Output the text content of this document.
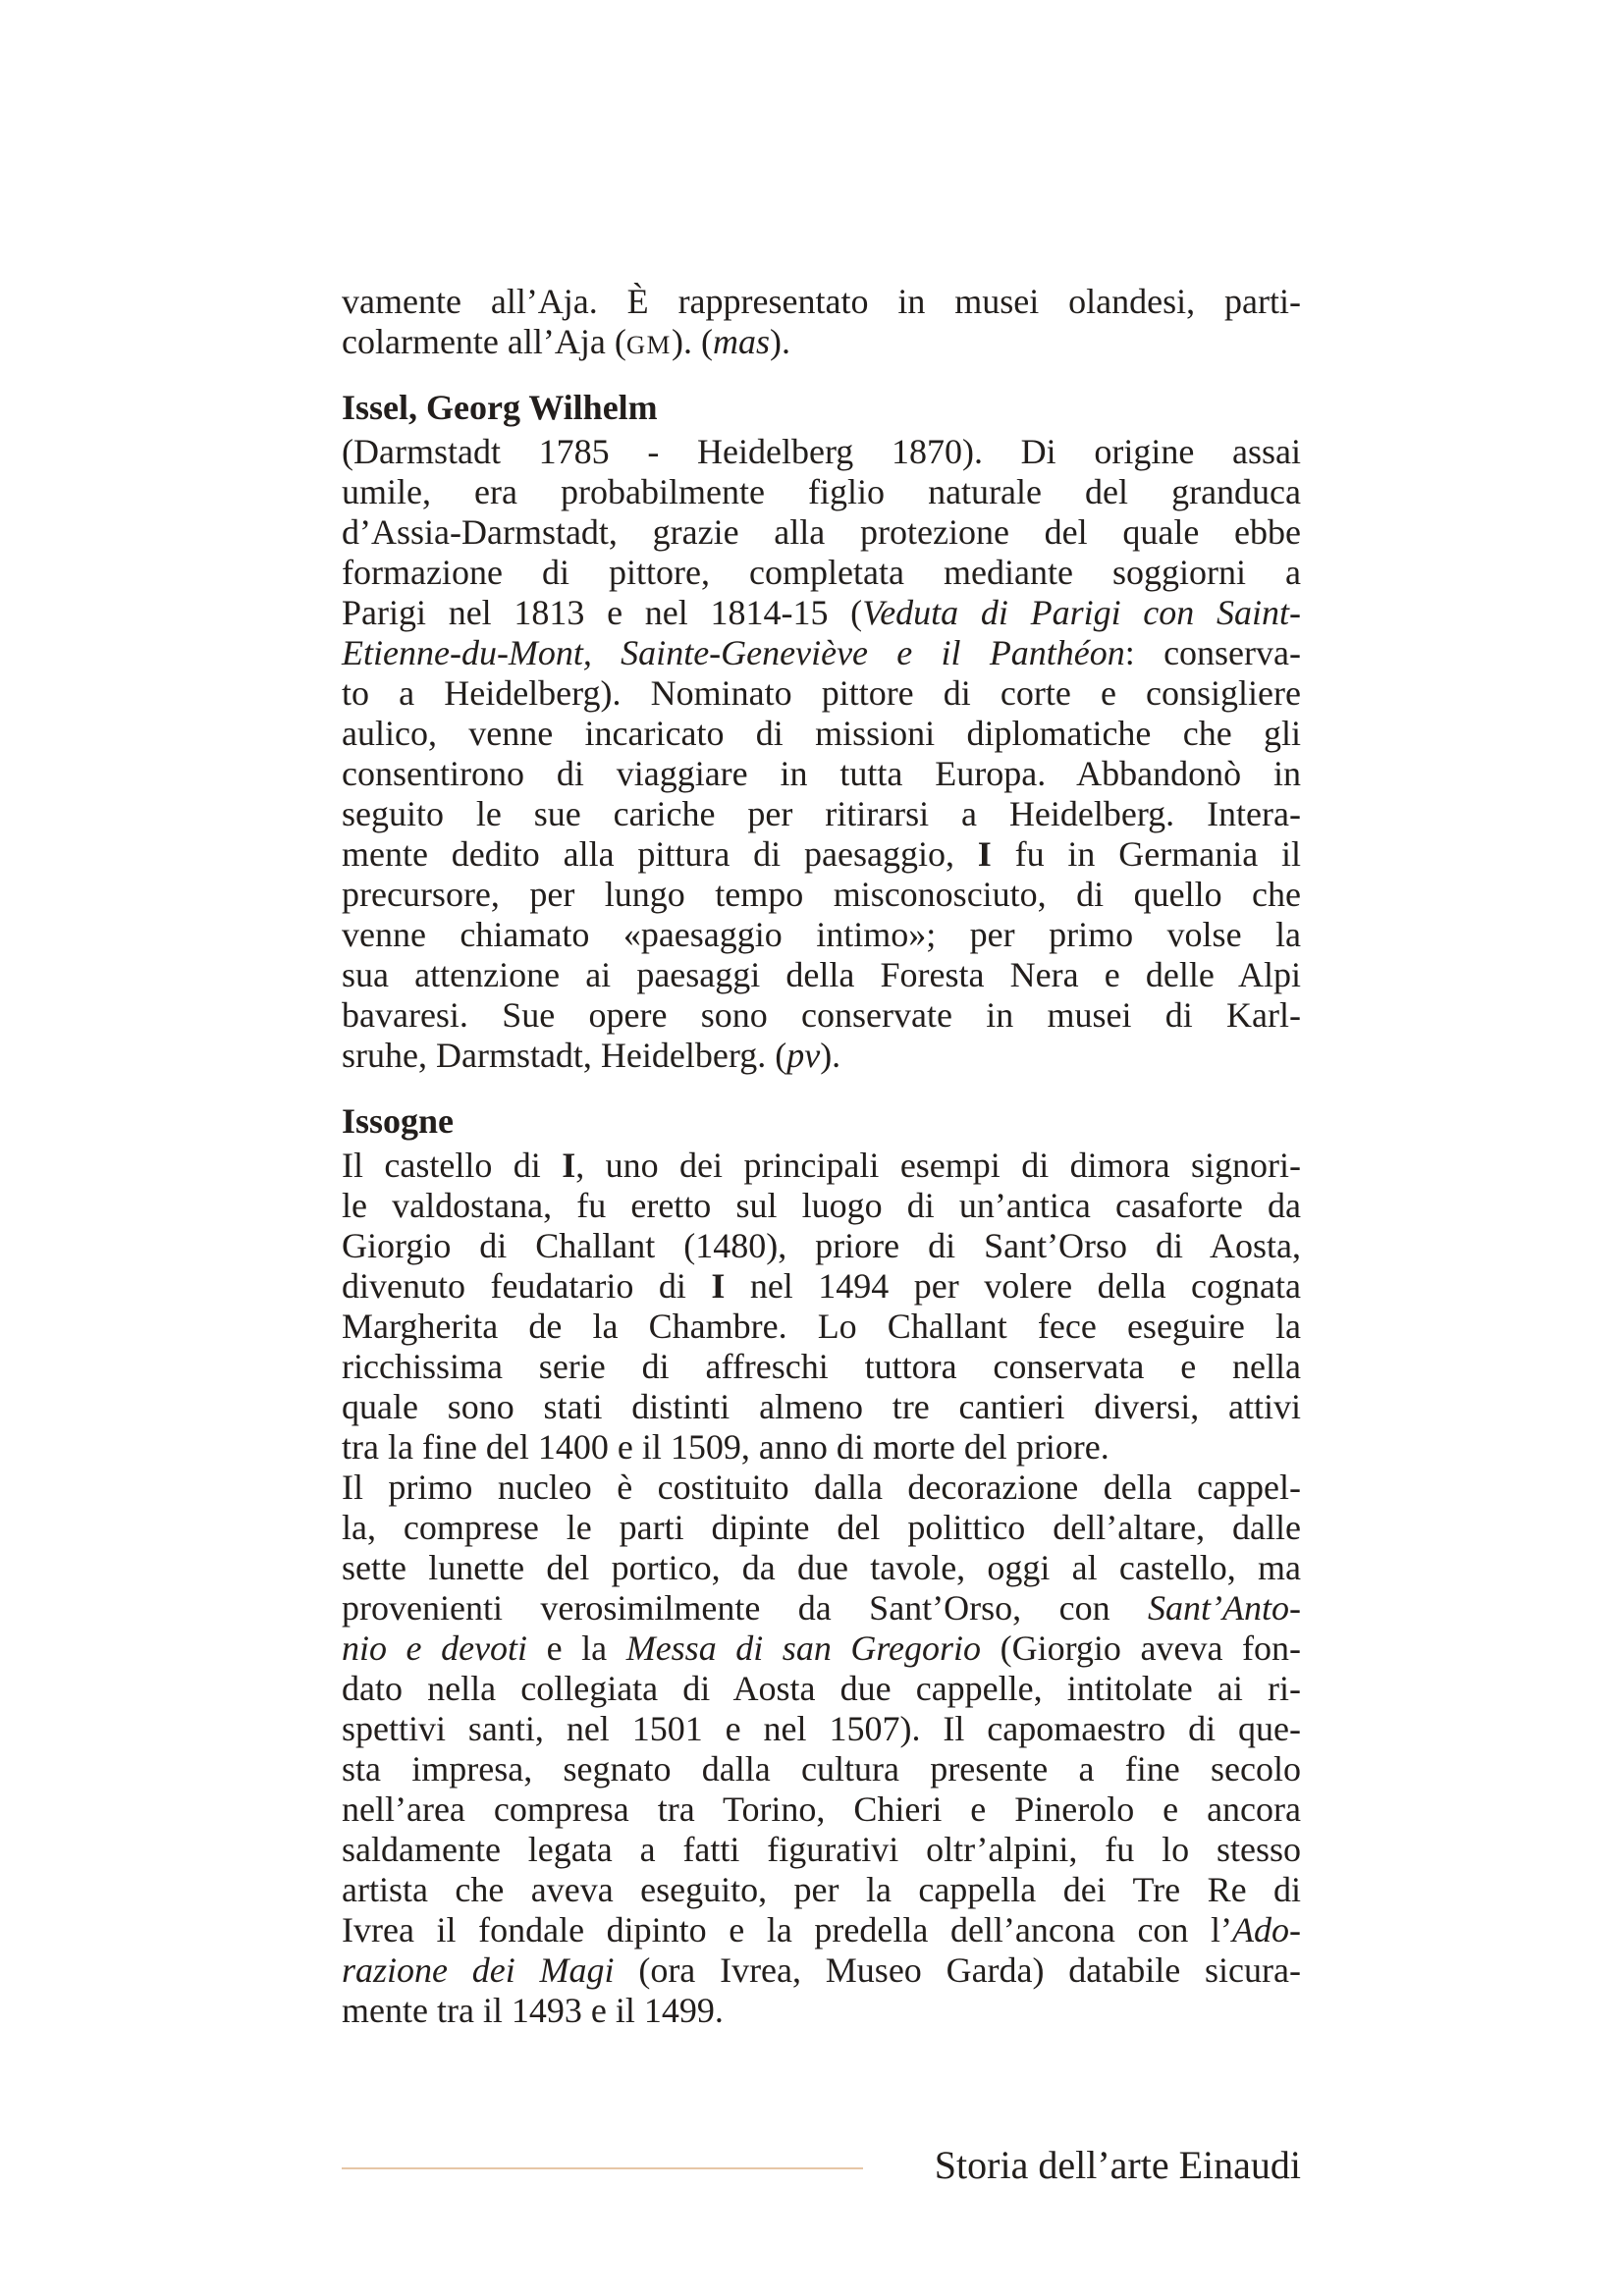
vamente all’Aja. È rappresentato in musei olandesi, parti-
colarmente all’Aja (GM). (mas).
Issel, Georg Wilhelm
(Darmstadt 1785 - Heidelberg 1870). Di origine assai
umile, era probabilmente figlio naturale del granduca
d’Assia-Darmstadt, grazie alla protezione del quale ebbe
formazione di pittore, completata mediante soggiorni a
Parigi nel 1813 e nel 1814-15 (Veduta di Parigi con Saint-
Etienne-du-Mont, Sainte-Geneviève e il Panthéon: conserva-
to a Heidelberg). Nominato pittore di corte e consigliere
aulico, venne incaricato di missioni diplomatiche che gli
consentirono di viaggiare in tutta Europa. Abbandonò in
seguito le sue cariche per ritirarsi a Heidelberg. Intera-
mente dedito alla pittura di paesaggio, I fu in Germania il
precursore, per lungo tempo misconosciuto, di quello che
venne chiamato «paesaggio intimo»; per primo volse la
sua attenzione ai paesaggi della Foresta Nera e delle Alpi
bavaresi. Sue opere sono conservate in musei di Karl-
sruhe, Darmstadt, Heidelberg. (pv).
Issogne
Il castello di I, uno dei principali esempi di dimora signori-
le valdostana, fu eretto sul luogo di un’antica casaforte da
Giorgio di Challant (1480), priore di Sant’Orso di Aosta,
divenuto feudatario di I nel 1494 per volere della cognata
Margherita de la Chambre. Lo Challant fece eseguire la
ricchissima serie di affreschi tuttora conservata e nella
quale sono stati distinti almeno tre cantieri diversi, attivi
tra la fine del 1400 e il 1509, anno di morte del priore.
Il primo nucleo è costituito dalla decorazione della cappel-
la, comprese le parti dipinte del polittico dell’altare, dalle
sette lunette del portico, da due tavole, oggi al castello, ma
provenienti verosimilmente da Sant’Orso, con Sant’Anto-
nio e devoti e la Messa di san Gregorio (Giorgio aveva fon-
dato nella collegiata di Aosta due cappelle, intitolate ai ri-
spettivi santi, nel 1501 e nel 1507). Il capomaestro di que-
sta impresa, segnato dalla cultura presente a fine secolo
nell’area compresa tra Torino, Chieri e Pinerolo e ancora
saldamente legata a fatti figurativi oltr’alpini, fu lo stesso
artista che aveva eseguito, per la cappella dei Tre Re di
Ivrea il fondale dipinto e la predella dell’ancona con l’Ado-
razione dei Magi (ora Ivrea, Museo Garda) databile sicura-
mente tra il 1493 e il 1499.
Storia dell’arte Einaudi
